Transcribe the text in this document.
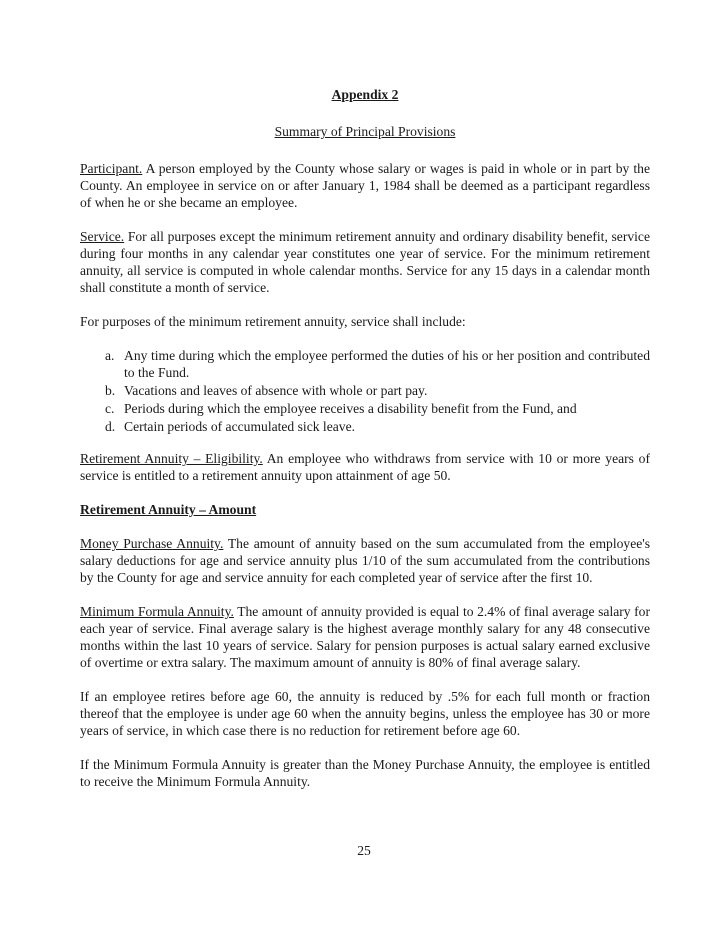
Appendix 2
Summary of Principal Provisions

Participant. A person employed by the County whose salary or wages is paid in whole or in part by the County. An employee in service on or after January 1, 1984 shall be deemed as a participant regardless of when he or she became an employee.

Service. For all purposes except the minimum retirement annuity and ordinary disability benefit, service during four months in any calendar year constitutes one year of service. For the minimum retirement annuity, all service is computed in whole calendar months. Service for any 15 days in a calendar month shall constitute a month of service.

For purposes of the minimum retirement annuity, service shall include:

a. Any time during which the employee performed the duties of his or her position and contributed to the Fund.
b. Vacations and leaves of absence with whole or part pay.
c. Periods during which the employee receives a disability benefit from the Fund, and
d. Certain periods of accumulated sick leave.

Retirement Annuity – Eligibility. An employee who withdraws from service with 10 or more years of service is entitled to a retirement annuity upon attainment of age 50.

Retirement Annuity – Amount

Money Purchase Annuity. The amount of annuity based on the sum accumulated from the employee's salary deductions for age and service annuity plus 1/10 of the sum accumulated from the contributions by the County for age and service annuity for each completed year of service after the first 10.

Minimum Formula Annuity. The amount of annuity provided is equal to 2.4% of final average salary for each year of service. Final average salary is the highest average monthly salary for any 48 consecutive months within the last 10 years of service. Salary for pension purposes is actual salary earned exclusive of overtime or extra salary. The maximum amount of annuity is 80% of final average salary.

If an employee retires before age 60, the annuity is reduced by .5% for each full month or fraction thereof that the employee is under age 60 when the annuity begins, unless the employee has 30 or more years of service, in which case there is no reduction for retirement before age 60.

If the Minimum Formula Annuity is greater than the Money Purchase Annuity, the employee is entitled to receive the Minimum Formula Annuity.

25
